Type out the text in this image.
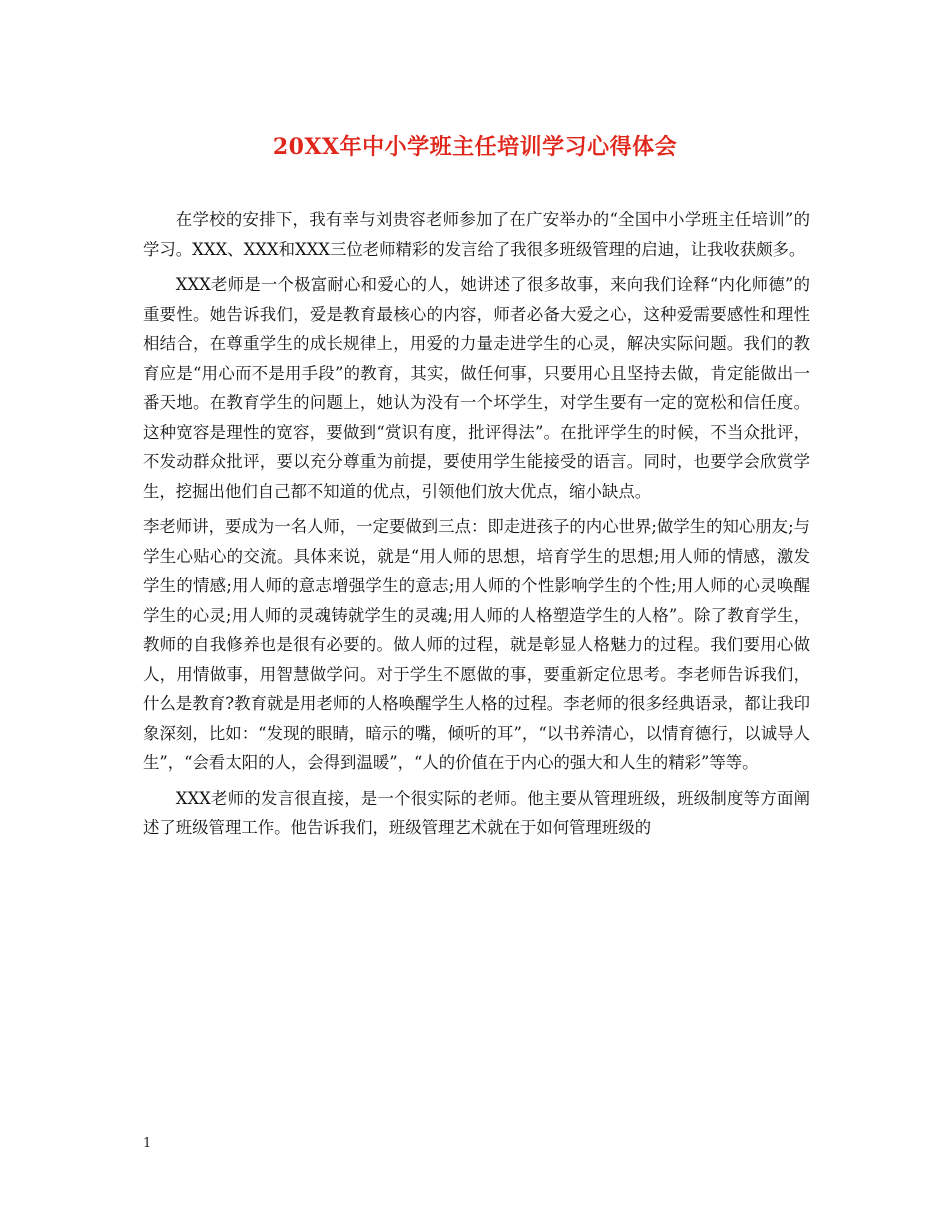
20XX年中小学班主任培训学习心得体会

在学校的安排下，我有幸与刘贵容老师参加了在广安举办的“全国中小学班主任培训”的学习。XXX、XXX和XXX三位老师精彩的发言给了我很多班级管理的启迪，让我收获颇多。

XXX老师是一个极富耐心和爱心的人，她讲述了很多故事，来向我们诠释“内化师德”的重要性。她告诉我们，爱是教育最核心的内容，师者必备大爱之心，这种爱需要感性和理性相结合，在尊重学生的成长规律上，用爱的力量走进学生的心灵，解决实际问题。我们的教育应是“用心而不是用手段”的教育，其实，做任何事，只要用心且坚持去做，肯定能做出一番天地。在教育学生的问题上，她认为没有一个坏学生，对学生要有一定的宽松和信任度。这种宽容是理性的宽容，要做到“赏识有度，批评得法”。在批评学生的时候，不当众批评，不发动群众批评，要以充分尊重为前提，要使用学生能接受的语言。同时，也要学会欣赏学生，挖掘出他们自己都不知道的优点，引领他们放大优点，缩小缺点。

李老师讲，要成为一名人师，一定要做到三点：即走进孩子的内心世界;做学生的知心朋友;与学生心贴心的交流。具体来说，就是“用人师的思想，培育学生的思想;用人师的情感，激发学生的情感;用人师的意志增强学生的意志;用人师的个性影响学生的个性;用人师的心灵唤醒学生的心灵;用人师的灵魂铸就学生的灵魂;用人师的人格塑造学生的人格”。除了教育学生，教师的自我修养也是很有必要的。做人师的过程，就是彰显人格魅力的过程。我们要用心做人，用情做事，用智慧做学问。对于学生不愿做的事，要重新定位思考。李老师告诉我们，什么是教育?教育就是用老师的人格唤醒学生人格的过程。李老师的很多经典语录，都让我印象深刻，比如：“发现的眼睛，暗示的嘴，倾听的耳”，“以书养清心，以情育德行，以诚导人生”，“会看太阳的人，会得到温暖”，“人的价值在于内心的强大和人生的精彩”等等。

XXX老师的发言很直接，是一个很实际的老师。他主要从管理班级，班级制度等方面阐述了班级管理工作。他告诉我们，班级管理艺术就在于如何管理班级的

1
